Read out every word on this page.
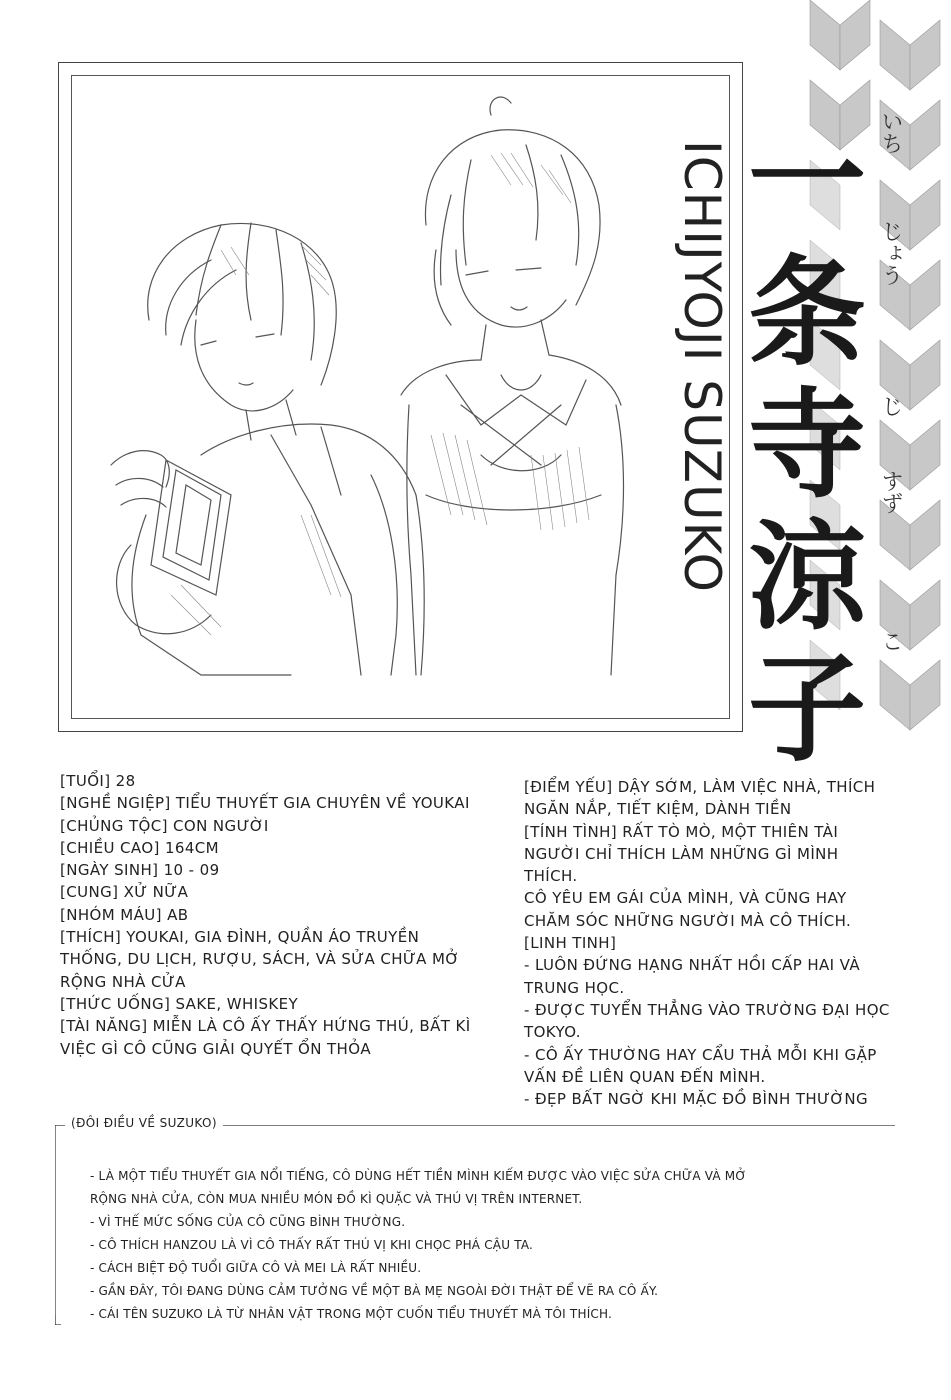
ICHIJYOJI SUZUKO 一
条
寺
涼
子
いち
じょう
じ
すず
こ

[TUỔI] 28

[NGHỀ NGIỆP] TIỂU THUYẾT GIA CHUYÊN VỀ YOUKAI

[CHỦNG TỘC] CON NGƯỜI

[CHIỀU CAO] 164CM

[NGÀY SINH] 10 - 09

[CUNG] XỬ NỮA

[NHÓM MÁU] AB

[THÍCH] YOUKAI, GIA ĐÌNH, QUẦN ÁO TRUYỀN

THỐNG, DU LỊCH, RƯỢU, SÁCH, VÀ SỬA CHỮA MỞ

RỘNG NHÀ CỬA

[THỨC UỐNG] SAKE, WHISKEY

[TÀI NĂNG] MIỄN LÀ CÔ ẤY THẤY HỨNG THÚ, BẤT KÌ

VIỆC GÌ CÔ CŨNG GIẢI QUYẾT ỔN THỎA

[ĐIỂM YẾU] DẬY SỚM, LÀM VIỆC NHÀ, THÍCH

NGĂN NẮP, TIẾT KIỆM, DÀNH TIỀN

[TÍNH TÌNH] RẤT TÒ MÒ, MỘT THIÊN TÀI

NGƯỜI CHỈ THÍCH LÀM NHỮNG GÌ MÌNH THÍCH.

CÔ YÊU EM GÁI CỦA MÌNH, VÀ CŨNG HAY

CHĂM SÓC NHỮNG NGƯỜI MÀ CÔ THÍCH.

[LINH TINH]

- LUÔN ĐỨNG HẠNG NHẤT HỒI CẤP HAI VÀ

TRUNG HỌC.

- ĐƯỢC TUYỂN THẲNG VÀO TRƯỜNG ĐẠI HỌC

TOKYO.

- CÔ ẤY THƯỜNG HAY CẨU THẢ MỖI KHI GẶP

VẤN ĐỀ LIÊN QUAN ĐẾN MÌNH.

- ĐẸP BẤT NGỜ KHI MẶC ĐỒ BÌNH THƯỜNG

(ĐÔI ĐIỀU VỀ SUZUKO)
- LÀ MỘT TIỂU THUYẾT GIA NỔI TIẾNG, CÔ DÙNG HẾT TIỀN MÌNH KIẾM ĐƯỢC VÀO VIỆC SỬA CHỮA VÀ MỞ
RỘNG NHÀ CỬA, CÒN MUA NHIỀU MÓN ĐỒ KÌ QUẶC VÀ THÚ VỊ TRÊN INTERNET.
- VÌ THẾ MỨC SỐNG CỦA CÔ CŨNG BÌNH THƯỜNG.
- CÔ THÍCH HANZOU LÀ VÌ CÔ THẤY RẤT THÚ VỊ KHI CHỌC PHÁ CẬU TA.
- CÁCH BIỆT ĐỘ TUỔI GIỮA CÔ VÀ MEI LÀ RẤT NHIỀU.
- GẦN ĐÂY, TÔI ĐANG DÙNG CẢM TƯỞNG VỀ MỘT BÀ MẸ NGOÀI ĐỜI THẬT ĐỂ VẼ RA CÔ ẤY.
- CÁI TÊN SUZUKO LÀ TỪ NHÂN VẬT TRONG MỘT CUỐN TIỂU THUYẾT MÀ TÔI THÍCH.
